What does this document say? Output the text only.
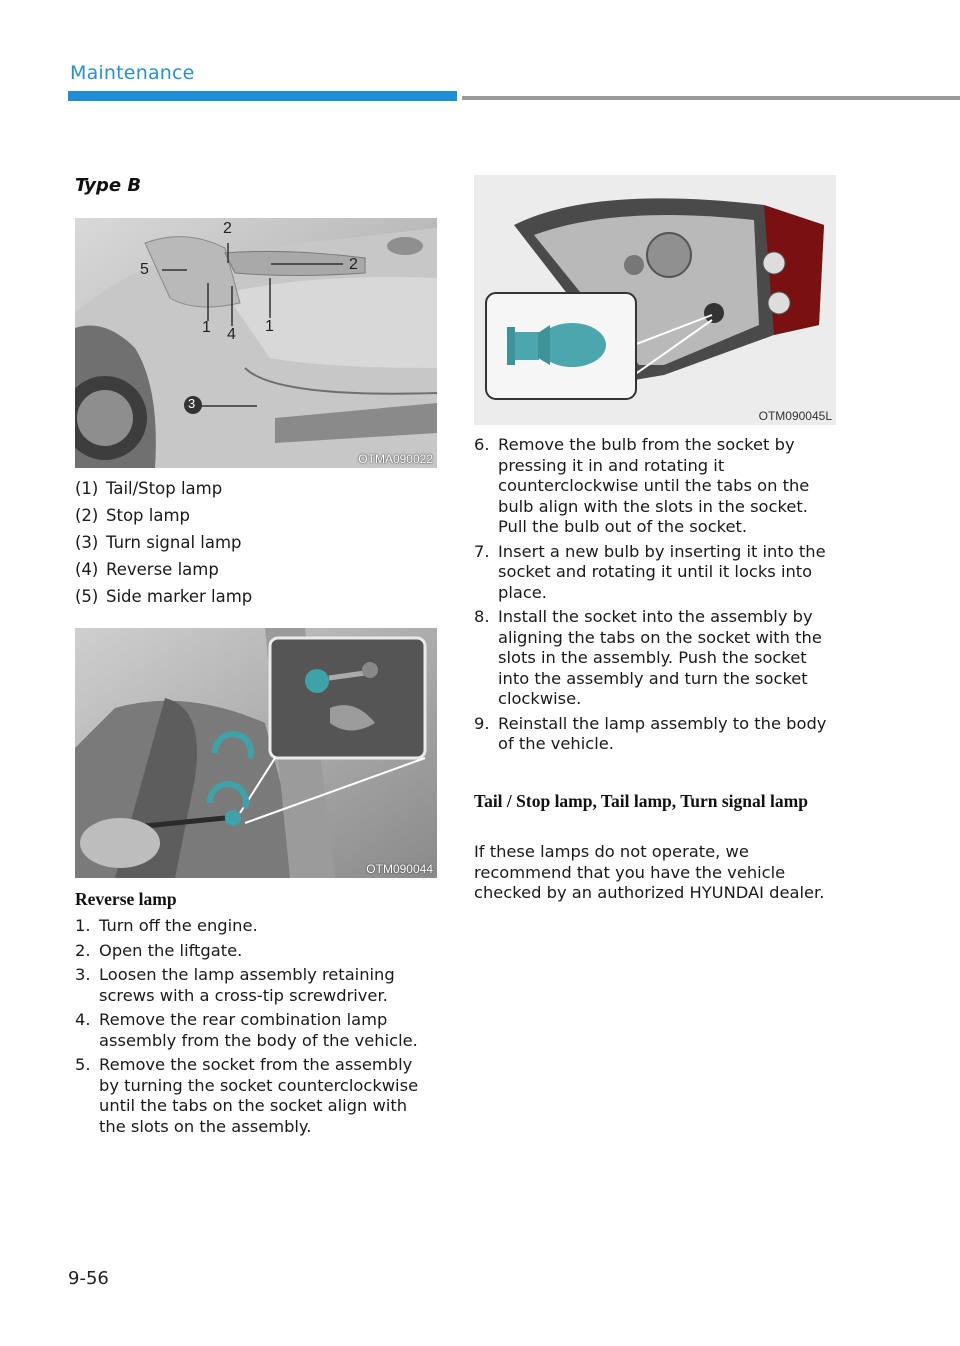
Maintenance
Type B
2
5	2
1 4 1
3
OTMA090022
(1) Tail/Stop lamp
(2) Stop lamp
(3) Turn signal lamp
(4) Reverse lamp
(5) Side marker lamp
OTM090044
Reverse lamp
1. Turn off the engine.
2. Open the liftgate.
3. Loosen the lamp assembly retaining screws with a cross-tip screwdriver.
4. Remove the rear combination lamp assembly from the body of the vehicle.
5. Remove the socket from the assembly by turning the socket counterclockwise until the tabs on the socket align with the slots on the assembly.
OTM090045L
6. Remove the bulb from the socket by pressing it in and rotating it counterclockwise until the tabs on the bulb align with the slots in the socket. Pull the bulb out of the socket.
7. Insert a new bulb by inserting it into the socket and rotating it until it locks into place.
8. Install the socket into the assembly by aligning the tabs on the socket with the slots in the assembly. Push the socket into the assembly and turn the socket clockwise.
9. Reinstall the lamp assembly to the body of the vehicle.
Tail / Stop lamp, Tail lamp, Turn signal lamp
If these lamps do not operate, we recommend that you have the vehicle checked by an authorized HYUNDAI dealer.
9-56
